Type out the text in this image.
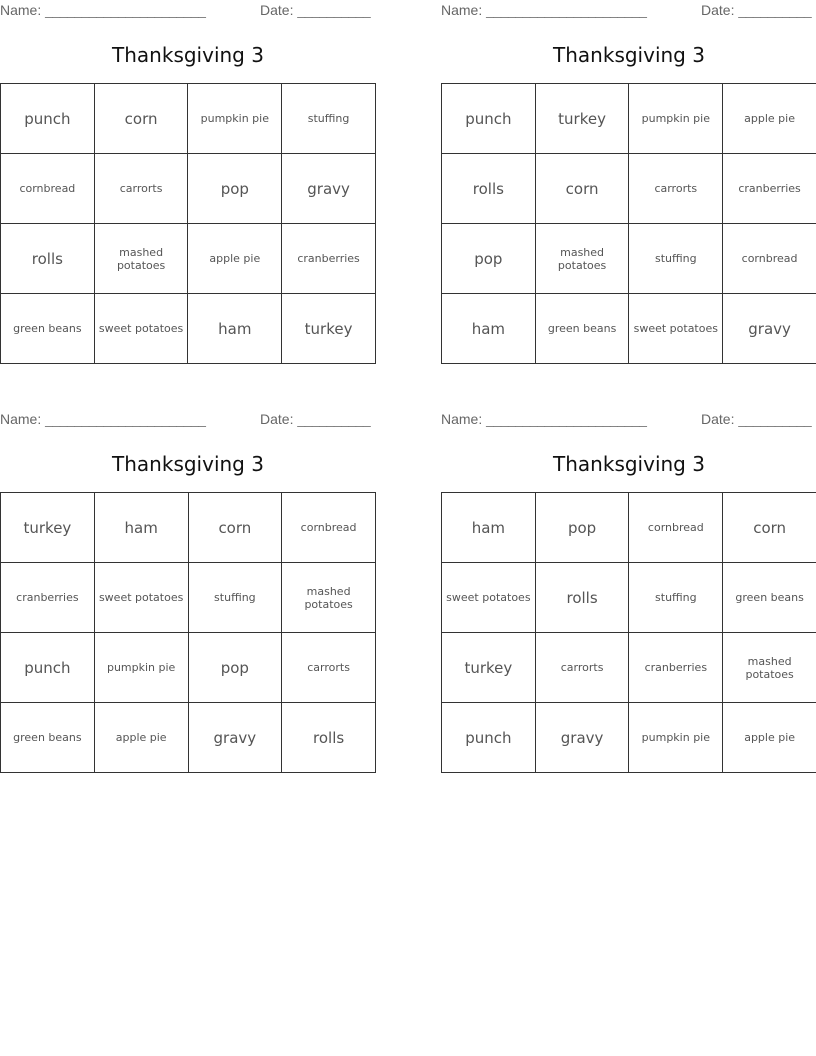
Name: ______________________	Date: __________
Thanksgiving 3
punch	corn	pumpkin pie	stuffing
cornbread	carrorts	pop	gravy
rolls	mashed potatoes	apple pie	cranberries
green beans	sweet potatoes	ham	turkey
Name: ______________________	Date: __________
Thanksgiving 3
punch	turkey	pumpkin pie	apple pie
rolls	corn	carrorts	cranberries
pop	mashed potatoes	stuffing	cornbread
ham	green beans	sweet potatoes	gravy
Name: ______________________	Date: __________
Thanksgiving 3
turkey	ham	corn	cornbread
cranberries	sweet potatoes	stuffing	mashed potatoes
punch	pumpkin pie	pop	carrorts
green beans	apple pie	gravy	rolls
Name: ______________________	Date: __________
Thanksgiving 3
ham	pop	cornbread	corn
sweet potatoes	rolls	stuffing	green beans
turkey	carrorts	cranberries	mashed potatoes
punch	gravy	pumpkin pie	apple pie
